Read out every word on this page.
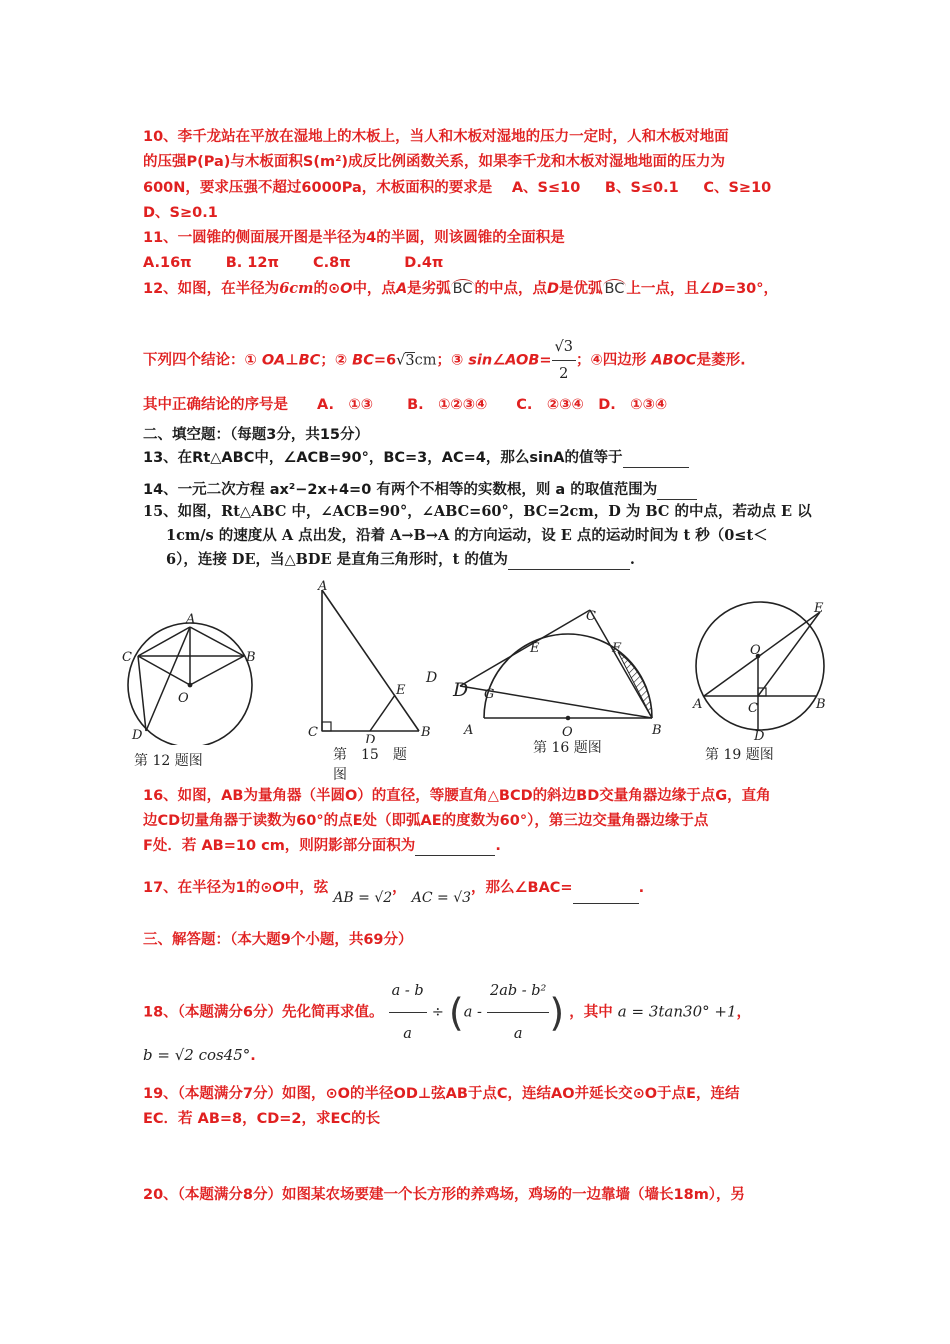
10、李千龙站在平放在湿地上的木板上，当人和木板对湿地的压力一定时，人和木板对地面
的压强P(Pa)与木板面积S(m²)成反比例函数关系，如果李千龙和木板对湿地地面的压力为
600N，要求压强不超过6000Pa，木板面积的要求是　 A、S≤10 　 B、S≤0.1 　 C、S≥10
D、S≥0.1
11、一圆锥的侧面展开图是半径为4的半圆，则该圆锥的全面积是
A.16π　　 B. 12π 　　C.8π 　　　 D.4π
12、如图，在半径为6cm的⊙O中，点A是劣弧 BC 的中点，点D是优弧 BC 上一点，且∠D=30°，
下列四个结论：① OA⊥BC；② BC=6√3cm；③ sin∠AOB= $\frac{√3}{2}$ ；④四边形 ABOC是菱形.
其中正确结论的序号是　　A.　①③　　 B.　①②③④　　C.　②③④　D.　①③④
二、填空题：（每题3分，共15分）
13、在Rt△ABC中，∠ACB=90°，BC=3，AC=4，那么sinA的值等于
14、一元二次方程 ax²−2x+4=0 有两个不相等的实数根，则 a 的取值范围为
15、如图，Rt△ABC 中，∠ACB=90°，∠ABC=60°，BC=2cm，D 为 BC 的中点，若动点 E 以
1cm/s 的速度从 A 点出发，沿着 A→B→A 的方向运动，设 E 点的运动时间为 t 秒（0≤t＜
6），连接 DE，当△BDE 是直角三角形时，t 的值为	.
A
C	B
O
D
第 12 题图
A
C	B
D
E
第　15　题
图
E
C
F
D G
A	O	B
D
第 16 题图
E
O
A	B
C
D
第 19 题图
16、如图，AB为量角器（半圆O）的直径，等腰直角△BCD的斜边BD交量角器边缘于点G，直角
边CD切量角器于读数为60°的点E处（即弧AE的度数为60°），第三边交量角器边缘于点
F处．若 AB=10 cm，则阴影部分面积为	.
17、在半径为1的⊙O中，弦 AB = √2， AC = √3，那么∠BAC=	.
三、解答题：（本大题9个小题，共69分）
18、（本题满分6分）先化简再求值。 $\frac{a - b}{a} \div (a - \frac{\text{2ab - b²}}{a}$ ) ，其中 a = 3tan30° +1，
b = √2 cos45°.
19、（本题满分7分）如图，⊙O的半径OD⊥弦AB于点C，连结AO并延长交⊙O于点E，连结
EC．若 AB=8，CD=2，求EC的长
20、（本题满分8分）如图某农场要建一个长方形的养鸡场，鸡场的一边靠墙（墙长18m），另
